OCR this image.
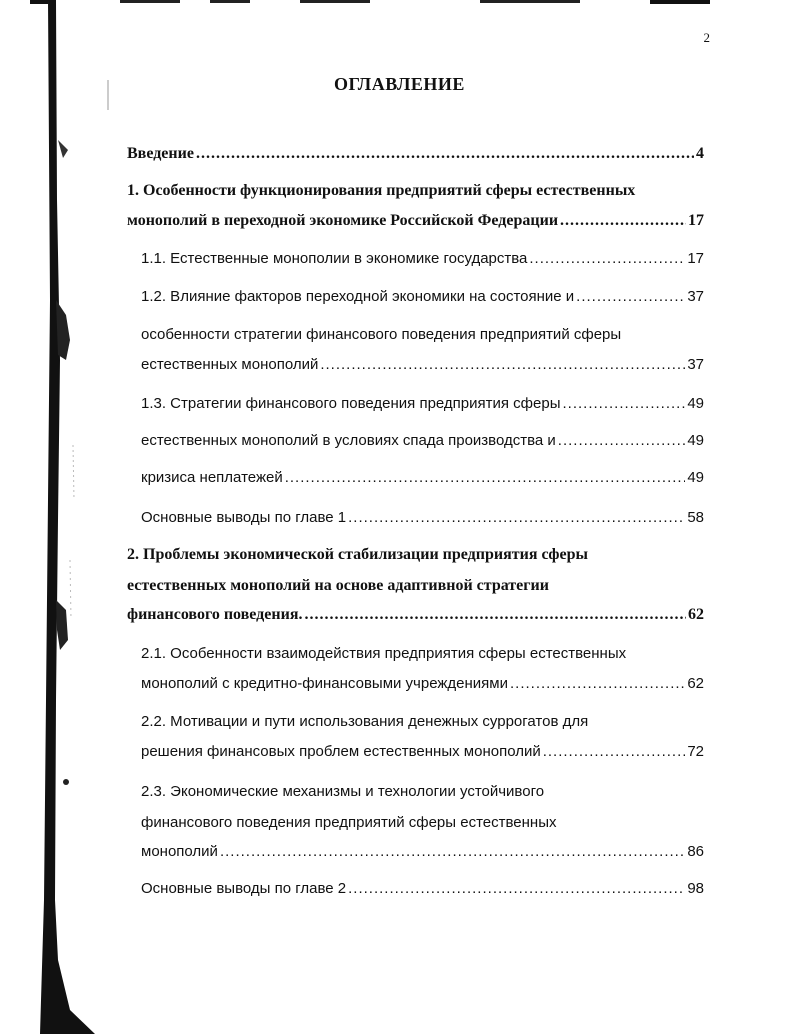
2
ОГЛАВЛЕНИЕ
Введение .....	4
1. Особенности функционирования предприятий сферы естественных
монополий в переходной экономике Российской Федерации .....	17
1.1. Естественные монополии в экономике государства .....	17
1.2. Влияние факторов переходной экономики на состояние и .....	37
особенности стратегии финансового поведения предприятий сферы
естественных монополий .....	37
1.3. Стратегии финансового поведения предприятия сферы .....	49
естественных монополий в условиях спада производства и .....	49
кризиса неплатежей .....	49
Основные выводы по главе 1 .....	58
2. Проблемы экономической стабилизации предприятия сферы
естественных монополий на основе адаптивной стратегии
финансового поведения. .....	62
2.1. Особенности взаимодействия предприятия сферы естественных
монополий с кредитно-финансовыми учреждениями .....	62
2.2. Мотивации и пути использования денежных суррогатов для
решения финансовых проблем естественных монополий .....	72
2.3. Экономические механизмы и технологии устойчивого
финансового поведения предприятий сферы естественных
монополий .....	86
Основные выводы по главе 2 .....	98
